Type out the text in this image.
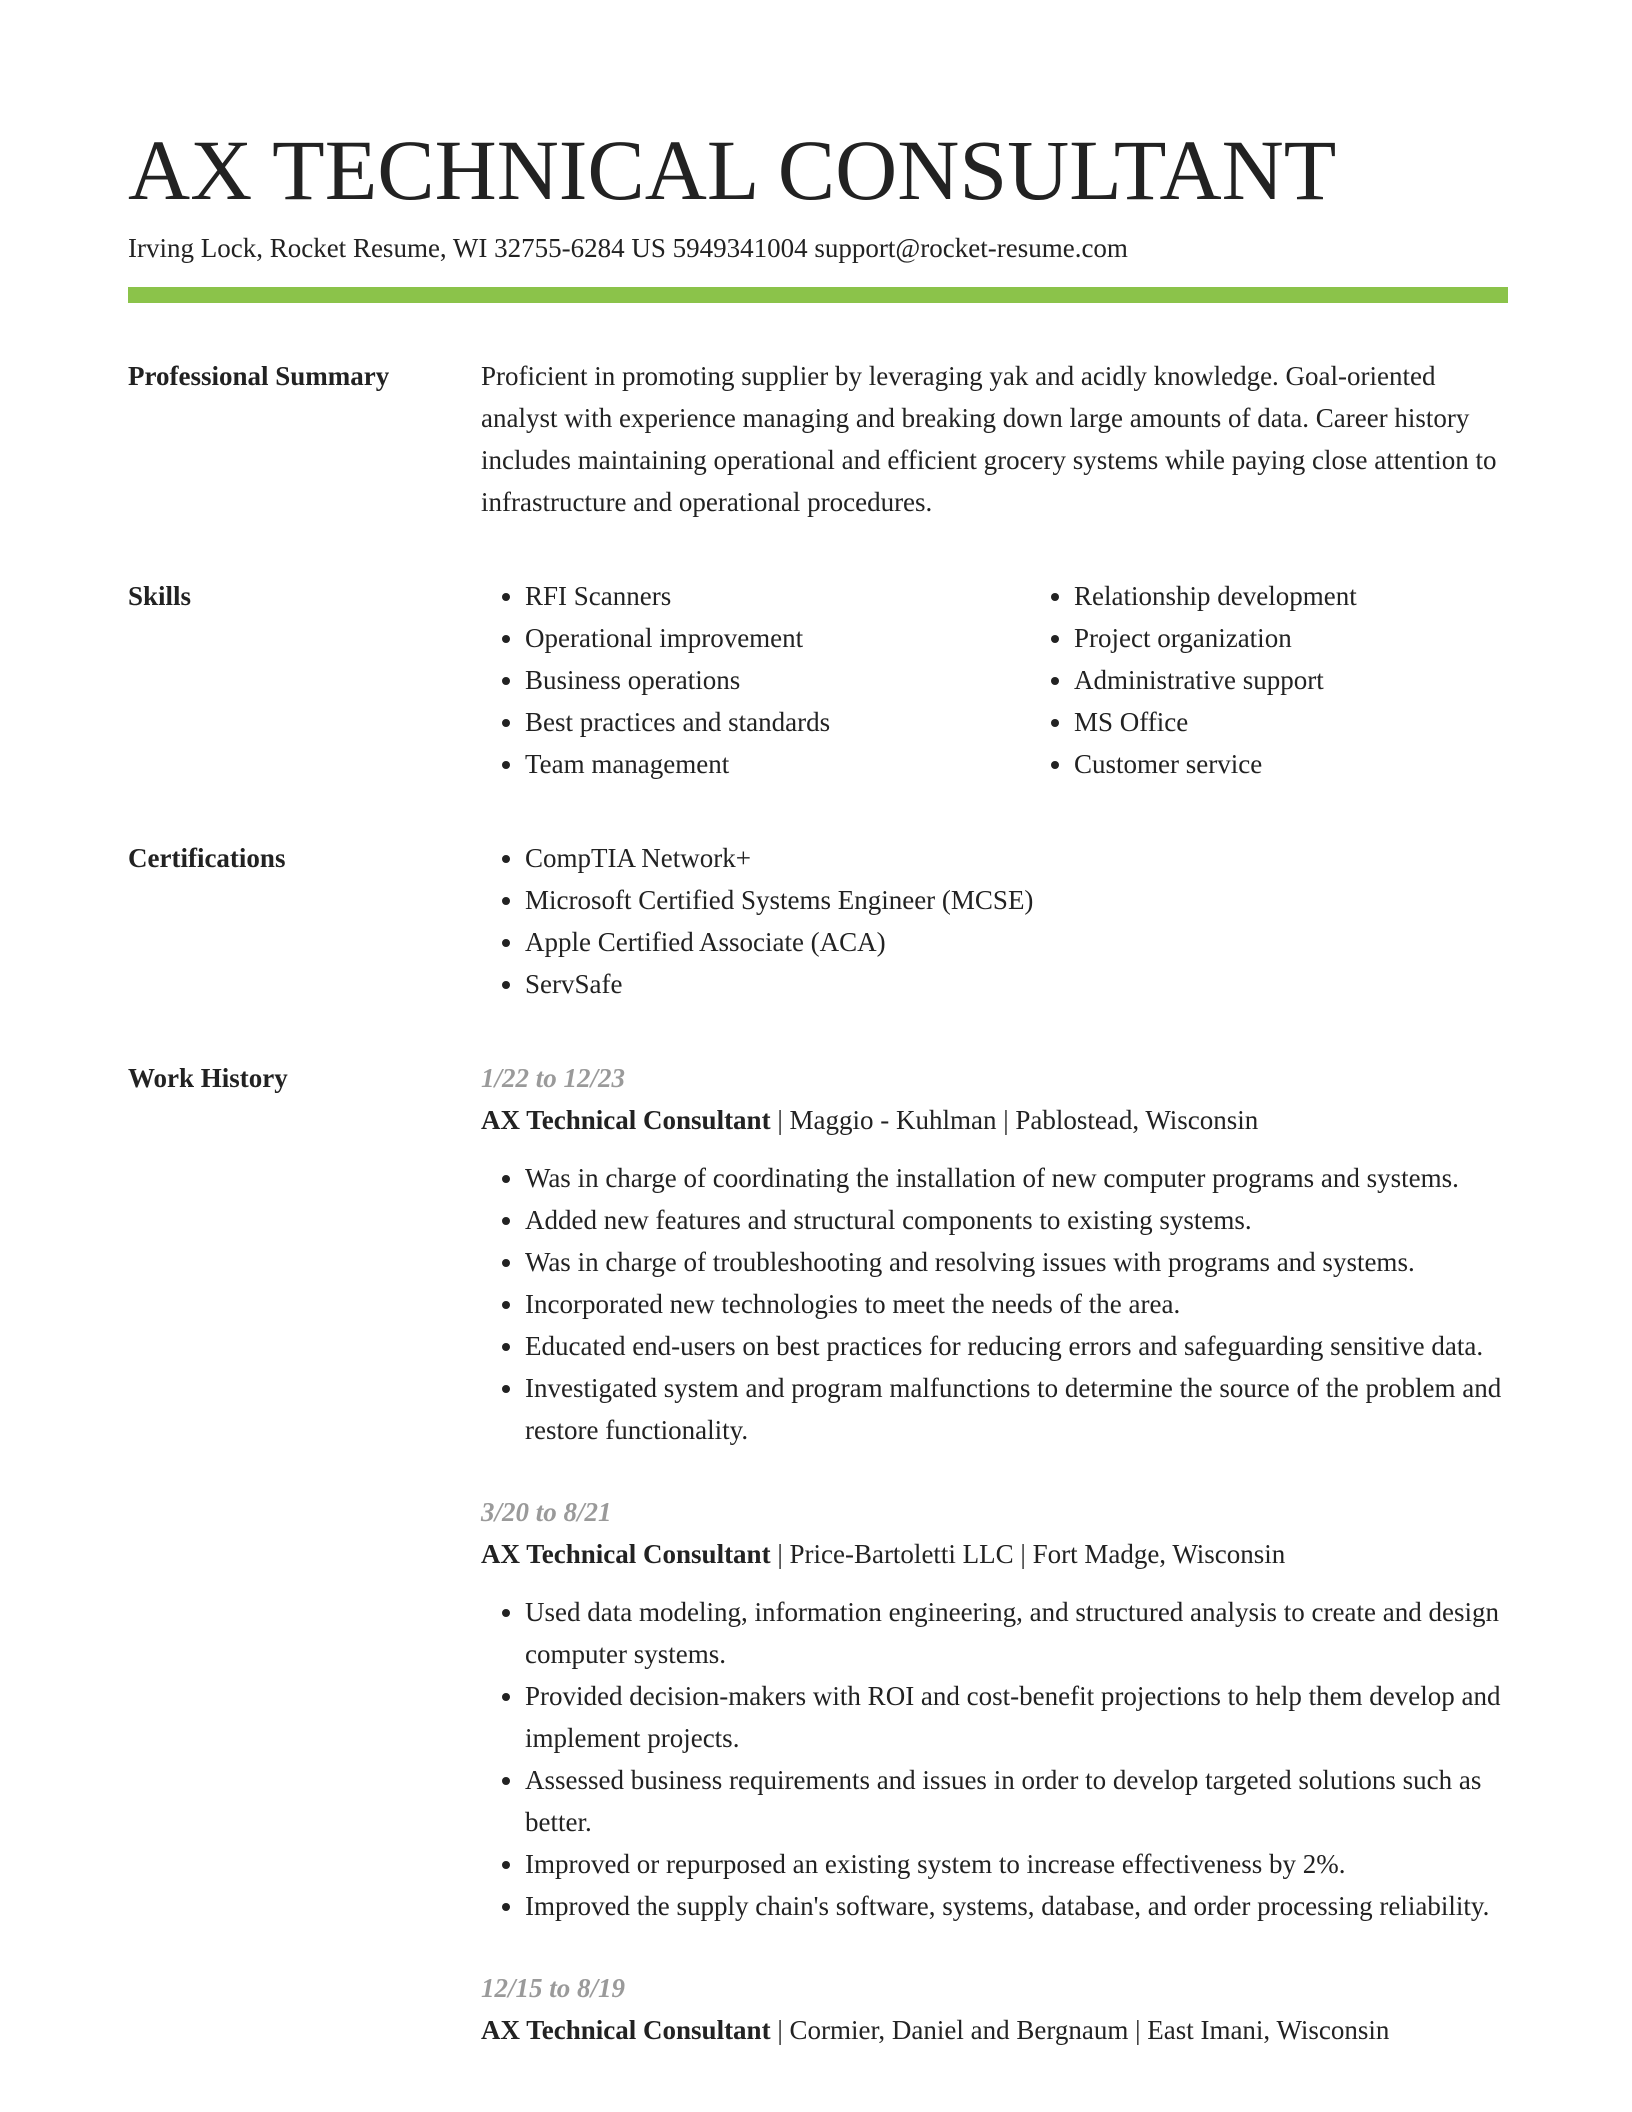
AX TECHNICAL CONSULTANT
Irving Lock, Rocket Resume, WI 32755-6284 US 5949341004 support@rocket-resume.com
Professional Summary	Proficient in promoting supplier by leveraging yak and acidly knowledge. Goal-oriented analyst with experience managing and breaking down large amounts of data. Career history includes maintaining operational and efficient grocery systems while paying close attention to infrastructure and operational procedures.

Skills	• RFI Scanners
• Operational improvement
• Business operations
• Best practices and standards
• Team management
• Relationship development
• Project organization
• Administrative support
• MS Office
• Customer service
Certifications	• CompTIA Network+
• Microsoft Certified Systems Engineer (MCSE)
• Apple Certified Associate (ACA)
• ServSafe
Work History	1/22 to 12/23
AX Technical Consultant | Maggio - Kuhlman | Pablostead, Wisconsin
• Was in charge of coordinating the installation of new computer programs and systems.
• Added new features and structural components to existing systems.
• Was in charge of troubleshooting and resolving issues with programs and systems.
• Incorporated new technologies to meet the needs of the area.
• Educated end-users on best practices for reducing errors and safeguarding sensitive data.
• Investigated system and program malfunctions to determine the source of the problem and restore functionality.
3/20 to 8/21
AX Technical Consultant | Price-Bartoletti LLC | Fort Madge, Wisconsin
• Used data modeling, information engineering, and structured analysis to create and design computer systems.
• Provided decision-makers with ROI and cost-benefit projections to help them develop and implement projects.
• Assessed business requirements and issues in order to develop targeted solutions such as better.
• Improved or repurposed an existing system to increase effectiveness by 2%.
• Improved the supply chain's software, systems, database, and order processing reliability.
12/15 to 8/19
AX Technical Consultant | Cormier, Daniel and Bergnaum | East Imani, Wisconsin
